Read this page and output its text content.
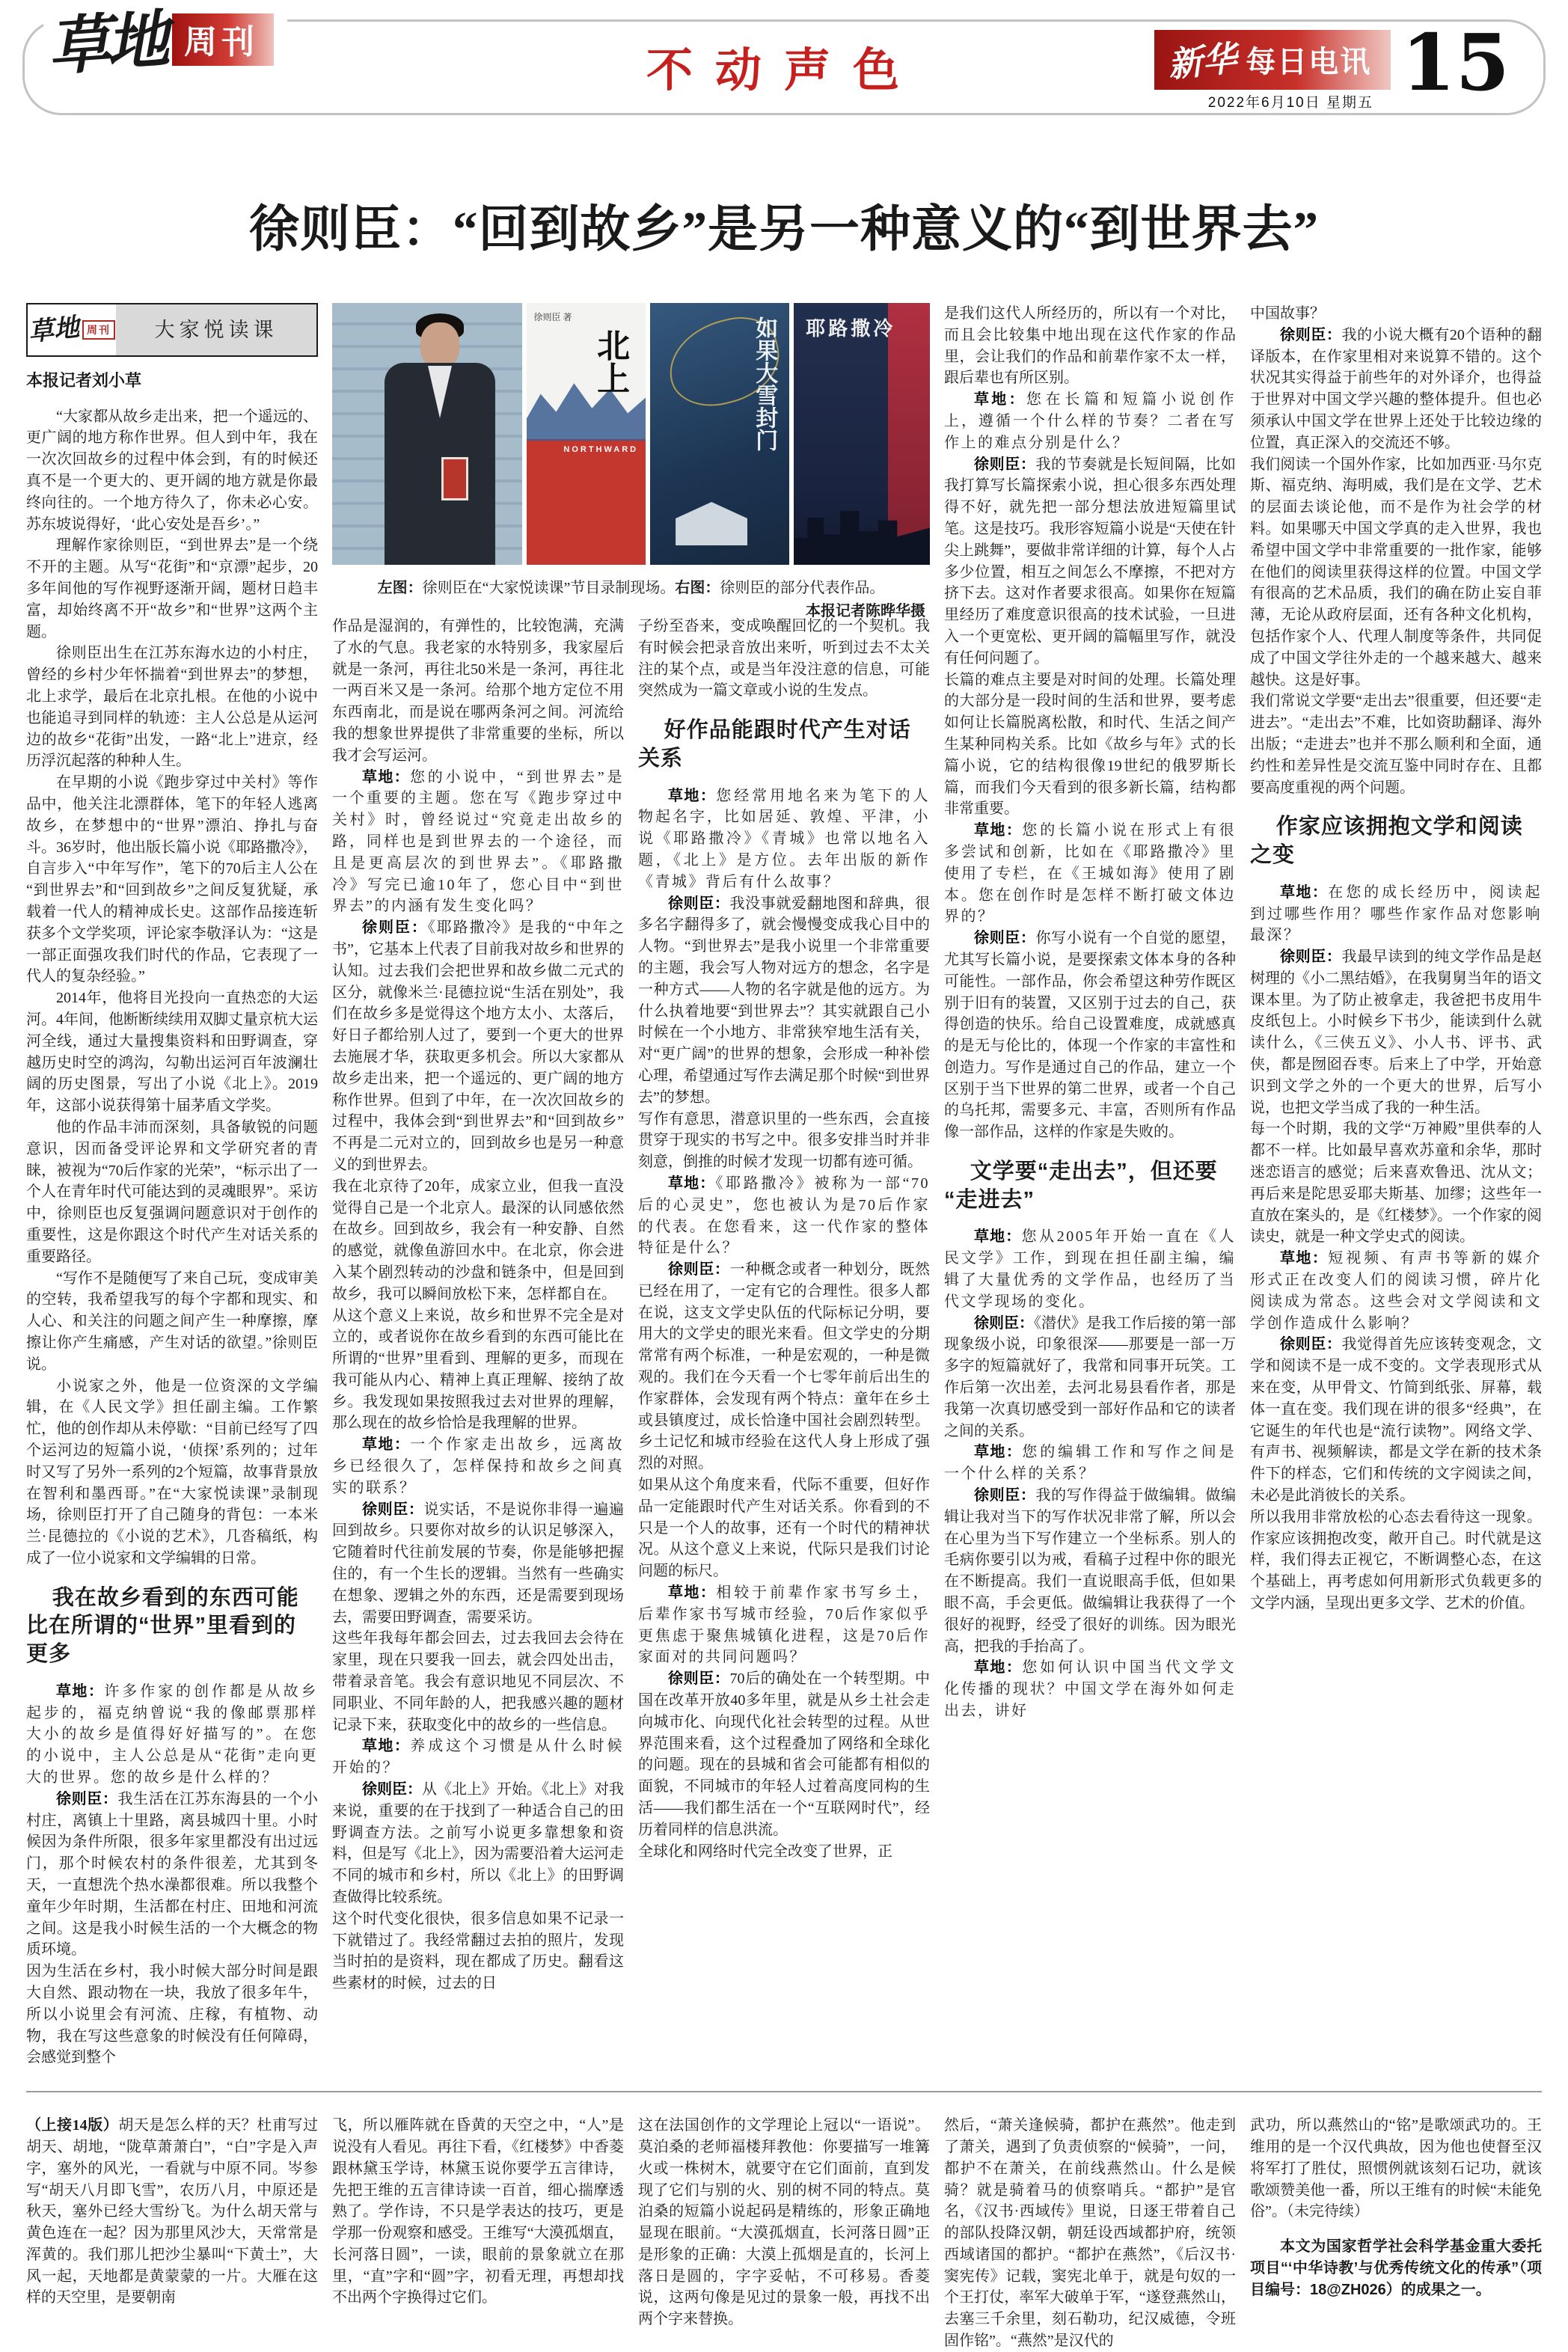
草地 周刊
不动声色	新华 每日电讯 15
2022年6月10日 星期五
徐则臣：“回到故乡”是另一种意义的“到世界去”
徐则臣 著
北上
NORTHWARD	如果大雪封门 耶路撒冷

左图：徐则臣在“大家悦读课”节目录制现场。右图：徐则臣的部分代表作品。

本报记者陈晔华摄

草地 周刊	大家悦读课

本报记者刘小草

“大家都从故乡走出来，把一个遥远的、更广阔的地方称作世界。但人到中年，我在一次次回故乡的过程中体会到，有的时候还真不是一个更大的、更开阔的地方就是你最终向往的。一个地方待久了，你未必心安。苏东坡说得好，‘此心安处是吾乡’。”

理解作家徐则臣，“到世界去”是一个绕不开的主题。从写“花街”和“京漂”起步，20多年间他的写作视野逐渐开阔，题材日趋丰富，却始终离不开“故乡”和“世界”这两个主题。

徐则臣出生在江苏东海水边的小村庄，曾经的乡村少年怀揣着“到世界去”的梦想，北上求学，最后在北京扎根。在他的小说中也能追寻到同样的轨迹：主人公总是从运河边的故乡“花街”出发，一路“北上”进京，经历浮沉起落的种种人生。

在早期的小说《跑步穿过中关村》等作品中，他关注北漂群体，笔下的年轻人逃离故乡，在梦想中的“世界”漂泊、挣扎与奋斗。36岁时，他出版长篇小说《耶路撒冷》，自言步入“中年写作”，笔下的70后主人公在“到世界去”和“回到故乡”之间反复犹疑，承载着一代人的精神成长史。这部作品接连斩获多个文学奖项，评论家李敬泽认为：“这是一部正面强攻我们时代的作品，它表现了一代人的复杂经验。”

2014年，他将目光投向一直热恋的大运河。4年间，他断断续续用双脚丈量京杭大运河全线，通过大量搜集资料和田野调查，穿越历史时空的鸿沟，勾勒出运河百年波澜壮阔的历史图景，写出了小说《北上》。2019年，这部小说获得第十届茅盾文学奖。

他的作品丰沛而深刻，具备敏锐的问题意识，因而备受评论界和文学研究者的青睐，被视为“70后作家的光荣”，“标示出了一个人在青年时代可能达到的灵魂眼界”。采访中，徐则臣也反复强调问题意识对于创作的重要性，这是你跟这个时代产生对话关系的重要路径。

“写作不是随便写了来自己玩，变成审美的空转，我希望我写的每个字都和现实、和人心、和关注的问题之间产生一种摩擦，摩擦让你产生痛感，产生对话的欲望。”徐则臣说。

小说家之外，他是一位资深的文学编辑，在《人民文学》担任副主编。工作繁忙，他的创作却从未停歇：“目前已经写了四个运河边的短篇小说，‘侦探’系列的；过年时又写了另外一系列的2个短篇，故事背景放在智利和墨西哥。”在“大家悦读课”录制现场，徐则臣打开了自己随身的背包：一本米兰·昆德拉的《小说的艺术》，几沓稿纸，构成了一位小说家和文学编辑的日常。

我在故乡看到的东西可能比在所谓的“世界”里看到的更多

草地：许多作家的创作都是从故乡起步的，福克纳曾说“我的像邮票那样大小的故乡是值得好好描写的”。在您的小说中，主人公总是从“花街”走向更大的世界。您的故乡是什么样的？

徐则臣：我生活在江苏东海县的一个小村庄，离镇上十里路，离县城四十里。小时候因为条件所限，很多年家里都没有出过远门，那个时候农村的条件很差，尤其到冬天，一直想洗个热水澡都很难。所以我整个童年少年时期，生活都在村庄、田地和河流之间。这是我小时候生活的一个大概念的物质环境。

因为生活在乡村，我小时候大部分时间是跟大自然、跟动物在一块，我放了很多年牛，所以小说里会有河流、庄稼，有植物、动物，我在写这些意象的时候没有任何障碍，会感觉到整个

作品是湿润的，有弹性的，比较饱满，充满了水的气息。我老家的水特别多，我家屋后就是一条河，再往北50米是一条河，再往北一两百米又是一条河。给那个地方定位不用东西南北，而是说在哪两条河之间。河流给我的想象世界提供了非常重要的坐标，所以我才会写运河。

草地：您的小说中，“到世界去”是一个重要的主题。您在写《跑步穿过中关村》时，曾经说过“究竟走出故乡的路，同样也是到世界去的一个途径，而且是更高层次的到世界去”。《耶路撒冷》写完已逾10年了，您心目中“到世界去”的内涵有发生变化吗？

徐则臣：《耶路撒冷》是我的“中年之书”，它基本上代表了目前我对故乡和世界的认知。过去我们会把世界和故乡做二元式的区分，就像米兰·昆德拉说“生活在别处”，我们在故乡多是觉得这个地方太小、太落后，好日子都给别人过了，要到一个更大的世界去施展才华，获取更多机会。所以大家都从故乡走出来，把一个遥远的、更广阔的地方称作世界。但到了中年，在一次次回故乡的过程中，我体会到“到世界去”和“回到故乡”不再是二元对立的，回到故乡也是另一种意义的到世界去。

我在北京待了20年，成家立业，但我一直没觉得自己是一个北京人。最深的认同感依然在故乡。回到故乡，我会有一种安静、自然的感觉，就像鱼游回水中。在北京，你会进入某个剧烈转动的沙盘和链条中，但是回到故乡，我可以瞬间放松下来，怎样都自在。

从这个意义上来说，故乡和世界不完全是对立的，或者说你在故乡看到的东西可能比在所谓的“世界”里看到、理解的更多，而现在我可能从内心、精神上真正理解、接纳了故乡。我发现如果按照我过去对世界的理解，那么现在的故乡恰恰是我理解的世界。

草地：一个作家走出故乡，远离故乡已经很久了，怎样保持和故乡之间真实的联系？

徐则臣：说实话，不是说你非得一遍遍回到故乡。只要你对故乡的认识足够深入，它随着时代往前发展的节奏，你是能够把握住的，有一个生长的逻辑。当然有一些确实在想象、逻辑之外的东西，还是需要到现场去，需要田野调查，需要采访。

这些年我每年都会回去，过去我回去会待在家里，现在只要我一回去，就会四处出击，带着录音笔。我会有意识地见不同层次、不同职业、不同年龄的人，把我感兴趣的题材记录下来，获取变化中的故乡的一些信息。

草地：养成这个习惯是从什么时候开始的？

徐则臣：从《北上》开始。《北上》对我来说，重要的在于找到了一种适合自己的田野调查方法。之前写小说更多靠想象和资料，但是写《北上》，因为需要沿着大运河走不同的城市和乡村，所以《北上》的田野调查做得比较系统。

这个时代变化很快，很多信息如果不记录一下就错过了。我经常翻过去拍的照片，发现当时拍的是资料，现在都成了历史。翻看这些素材的时候，过去的日

子纷至沓来，变成唤醒回忆的一个契机。我有时候会把录音放出来听，听到过去不太关注的某个点，或是当年没注意的信息，可能突然成为一篇文章或小说的生发点。

好作品能跟时代产生对话关系

草地：您经常用地名来为笔下的人物起名字，比如居延、敦煌、平津，小说《耶路撒冷》《青城》也常以地名入题，《北上》是方位。去年出版的新作《青城》背后有什么故事？

徐则臣：我没事就爱翻地图和辞典，很多名字翻得多了，就会慢慢变成我心目中的人物。“到世界去”是我小说里一个非常重要的主题，我会写人物对远方的想念，名字是一种方式——人物的名字就是他的远方。为什么执着地要“到世界去”？其实就跟自己小时候在一个小地方、非常狭窄地生活有关，对“更广阔”的世界的想象，会形成一种补偿心理，希望通过写作去满足那个时候“到世界去”的梦想。

写作有意思，潜意识里的一些东西，会直接贯穿于现实的书写之中。很多安排当时并非刻意，倒推的时候才发现一切都有迹可循。

草地：《耶路撒冷》被称为一部“70后的心灵史”，您也被认为是70后作家的代表。在您看来，这一代作家的整体特征是什么？

徐则臣：一种概念或者一种划分，既然已经在用了，一定有它的合理性。很多人都在说，这支文学史队伍的代际标记分明，要用大的文学史的眼光来看。但文学史的分期常常有两个标准，一种是宏观的，一种是微观的。我们在今天看一个七零年前后出生的作家群体，会发现有两个特点：童年在乡土或县镇度过，成长恰逢中国社会剧烈转型。乡土记忆和城市经验在这代人身上形成了强烈的对照。

如果从这个角度来看，代际不重要，但好作品一定能跟时代产生对话关系。你看到的不只是一个人的故事，还有一个时代的精神状况。从这个意义上来说，代际只是我们讨论问题的标尺。

草地：相较于前辈作家书写乡土，后辈作家书写城市经验，70后作家似乎更焦虑于聚焦城镇化进程，这是70后作家面对的共同问题吗？

徐则臣：70后的确处在一个转型期。中国在改革开放40多年里，就是从乡土社会走向城市化、向现代化社会转型的过程。从世界范围来看，这个过程叠加了网络和全球化的问题。现在的县城和省会可能都有相似的面貌，不同城市的年轻人过着高度同构的生活——我们都生活在一个“互联网时代”，经历着同样的信息洪流。

全球化和网络时代完全改变了世界，正

是我们这代人所经历的，所以有一个对比，而且会比较集中地出现在这代作家的作品里，会让我们的作品和前辈作家不太一样，跟后辈也有所区别。

草地：您在长篇和短篇小说创作上，遵循一个什么样的节奏？二者在写作上的难点分别是什么？

徐则臣：我的节奏就是长短间隔，比如我打算写长篇探索小说，担心很多东西处理得不好，就先把一部分想法放进短篇里试笔。这是技巧。我形容短篇小说是“天使在针尖上跳舞”，要做非常详细的计算，每个人占多少位置，相互之间怎么不摩擦，不把对方挤下去。这对作者要求很高。如果你在短篇里经历了难度意识很高的技术试验，一旦进入一个更宽松、更开阔的篇幅里写作，就没有任何问题了。

长篇的难点主要是对时间的处理。长篇处理的大部分是一段时间的生活和世界，要考虑如何让长篇脱离松散，和时代、生活之间产生某种同构关系。比如《故乡与年》式的长篇小说，它的结构很像19世纪的俄罗斯长篇，而我们今天看到的很多新长篇，结构都非常重要。

草地：您的长篇小说在形式上有很多尝试和创新，比如在《耶路撒冷》里使用了专栏，在《王城如海》使用了剧本。您在创作时是怎样不断打破文体边界的？

徐则臣：你写小说有一个自觉的愿望，尤其写长篇小说，是要探索文体本身的各种可能性。一部作品，你会希望这种劳作既区别于旧有的装置，又区别于过去的自己，获得创造的快乐。给自己设置难度，成就感真的是无与伦比的，体现一个作家的丰富性和创造力。写作是通过自己的作品，建立一个区别于当下世界的第二世界，或者一个自己的乌托邦，需要多元、丰富，否则所有作品像一部作品，这样的作家是失败的。

文学要“走出去”，但还要“走进去”

草地：您从2005年开始一直在《人民文学》工作，到现在担任副主编，编辑了大量优秀的文学作品，也经历了当代文学现场的变化。

徐则臣：《潜伏》是我工作后接的第一部现象级小说，印象很深——那要是一部一万多字的短篇就好了，我常和同事开玩笑。工作后第一次出差，去河北易县看作者，那是我第一次真切感受到一部好作品和它的读者之间的关系。

草地：您的编辑工作和写作之间是一个什么样的关系？

徐则臣：我的写作得益于做编辑。做编辑让我对当下的写作状况非常了解，所以会在心里为当下写作建立一个坐标系。别人的毛病你要引以为戒，看稿子过程中你的眼光在不断提高。我们一直说眼高手低，但如果眼不高，手会更低。做编辑让我获得了一个很好的视野，经受了很好的训练。因为眼光高，把我的手抬高了。

草地：您如何认识中国当代文学文化传播的现状？中国文学在海外如何走出去，讲好

中国故事？

徐则臣：我的小说大概有20个语种的翻译版本，在作家里相对来说算不错的。这个状况其实得益于前些年的对外译介，也得益于世界对中国文学兴趣的整体提升。但也必须承认中国文学在世界上还处于比较边缘的位置，真正深入的交流还不够。

我们阅读一个国外作家，比如加西亚·马尔克斯、福克纳、海明威，我们是在文学、艺术的层面去谈论他，而不是作为社会学的材料。如果哪天中国文学真的走入世界，我也希望中国文学中非常重要的一批作家，能够在他们的阅读里获得这样的位置。中国文学有很高的艺术品质，我们的确在防止妄自菲薄，无论从政府层面，还有各种文化机构，包括作家个人、代理人制度等条件，共同促成了中国文学往外走的一个越来越大、越来越快。这是好事。

我们常说文学要“走出去”很重要，但还要“走进去”。“走出去”不难，比如资助翻译、海外出版；“走进去”也并不那么顺利和全面，通约性和差异性是交流互鉴中同时存在、且都要高度重视的两个问题。

作家应该拥抱文学和阅读之变

草地：在您的成长经历中，阅读起到过哪些作用？哪些作家作品对您影响最深？

徐则臣：我最早读到的纯文学作品是赵树理的《小二黑结婚》，在我舅舅当年的语文课本里。为了防止被拿走，我爸把书皮用牛皮纸包上。小时候乡下书少，能读到什么就读什么，《三侠五义》、小人书、评书、武侠，都是囫囵吞枣。后来上了中学，开始意识到文学之外的一个更大的世界，后写小说，也把文学当成了我的一种生活。

每一个时期，我的文学“万神殿”里供奉的人都不一样。比如最早喜欢苏童和余华，那时迷恋语言的感觉；后来喜欢鲁迅、沈从文；再后来是陀思妥耶夫斯基、加缪；这些年一直放在案头的，是《红楼梦》。一个作家的阅读史，就是一种文学史式的阅读。

草地：短视频、有声书等新的媒介形式正在改变人们的阅读习惯，碎片化阅读成为常态。这些会对文学阅读和文学创作造成什么影响？

徐则臣：我觉得首先应该转变观念，文学和阅读不是一成不变的。文学表现形式从来在变，从甲骨文、竹简到纸张、屏幕，载体一直在变。我们现在讲的很多“经典”，在它诞生的年代也是“流行读物”。网络文学、有声书、视频解读，都是文学在新的技术条件下的样态，它们和传统的文字阅读之间，未必是此消彼长的关系。

所以我用非常放松的心态去看待这一现象。作家应该拥抱改变，敞开自己。时代就是这样，我们得去正视它，不断调整心态，在这个基础上，再考虑如何用新形式负载更多的文学内涵，呈现出更多文学、艺术的价值。

（上接14版）胡天是怎么样的天？杜甫写过胡天、胡地，“陇草萧萧白”，“白”字是入声字，塞外的风光，一看就与中原不同。岑参写“胡天八月即飞雪”，农历八月，中原还是秋天，塞外已经大雪纷飞。为什么胡天常与黄色连在一起？因为那里风沙大，天常常是浑黄的。我们那儿把沙尘暴叫“下黄土”，大风一起，天地都是黄蒙蒙的一片。大雁在这样的天空里，是要朝南

飞，所以雁阵就在昏黄的天空之中，“人”是说没有人看见。再往下看，《红楼梦》中香菱跟林黛玉学诗，林黛玉说你要学五言律诗，先把王维的五言律诗读一百首，细心揣摩透熟了。学作诗，不只是学表达的技巧，更是学那一份观察和感受。王维写“大漠孤烟直，长河落日圆”，一读，眼前的景象就立在那里，“直”字和“圆”字，初看无理，再想却找不出两个字换得过它们。

这在法国创作的文学理论上冠以“一语说”。莫泊桑的老师福楼拜教他：你要描写一堆篝火或一株树木，就要守在它们面前，直到发现了它们与别的火、别的树不同的特点。莫泊桑的短篇小说起码是精练的，形象正确地显现在眼前。“大漠孤烟直，长河落日圆”正是形象的正确：大漠上孤烟是直的，长河上落日是圆的，字字妥帖，不可移易。香菱说，这两句像是见过的景象一般，再找不出两个字来替换。

然后，“萧关逢候骑，都护在燕然”。他走到了萧关，遇到了负责侦察的“候骑”，一问，都护不在萧关，在前线燕然山。什么是候骑？就是骑着马的侦察哨兵。“都护”是官名，《汉书·西域传》里说，日逐王带着自己的部队投降汉朝，朝廷设西域都护府，统领西域诸国的都护。“都护在燕然”，《后汉书·窦宪传》记载，窦宪北单于，就是句奴的一个王打仗，率军大破单于军，“遂登燕然山，去塞三千余里，刻石勒功，纪汉威德，令班固作铭”。“燕然”是汉代的

武功，所以燕然山的“铭”是歌颂武功的。王维用的是一个汉代典故，因为他也使督至汉将军打了胜仗，照惯例就该刻石记功，就该歌颂赞美他一番，所以王维有的时候“未能免俗”。（未完待续）

本文为国家哲学社会科学基金重大委托项目“‘中华诗教’与优秀传统文化的传承”（项目编号：18@ZH026）的成果之一。
